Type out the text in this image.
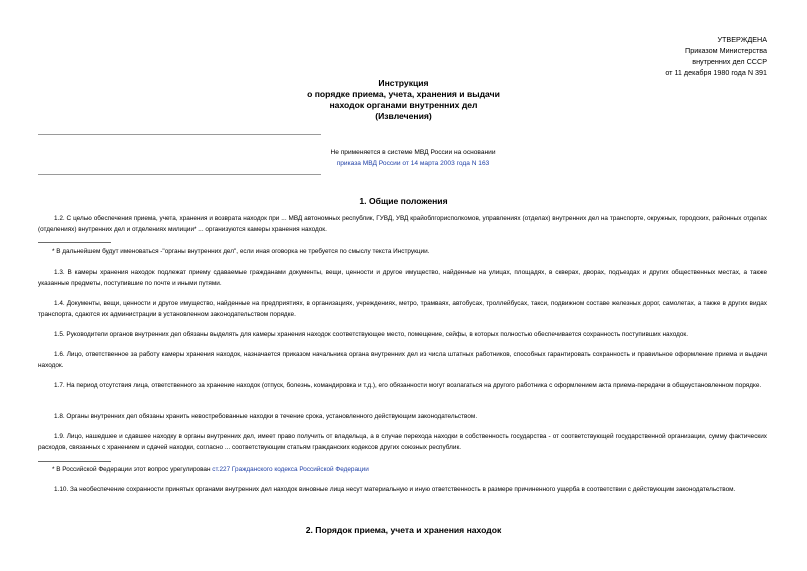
УТВЕРЖДЕНА
Приказом Министерства
внутренних дел СССР
от 11 декабря 1980 года N 391
Инструкция
о порядке приема, учета, хранения и выдачи
находок органами внутренних дел
(Извлечения)
Не применяется в системе МВД России на основании
приказа МВД России от 14 марта 2003 года N 163
1. Общие положения
1.2. С целью обеспечения приема, учета, хранения и возврата находок при ... МВД автономных республик, ГУВД, УВД крайоблгорисполкомов, управлениях (отделах) внутренних дел на транспорте, окружных, городских, районных отделах (отделениях) внутренних дел и отделениях милиции* ... организуются камеры хранения находок.
* В дальнейшем будут именоваться -"органы внутренних дел", если иная оговорка не требуется по смыслу текста Инструкции.
1.3. В камеры хранения находок подлежат приему сдаваемые гражданами документы, вещи, ценности и другое имущество, найденные на улицах, площадях, в скверах, дворах, подъездах и других общественных местах, а также указанные предметы, поступившие по почте и иными путями.
1.4. Документы, вещи, ценности и другое имущество, найденные на предприятиях, в организациях, учреждениях, метро, трамваях, автобусах, троллейбусах, такси, подвижном составе железных дорог, самолетах, а также в других видах транспорта, сдаются их администрации в установленном законодательством порядке.
1.5. Руководители органов внутренних дел обязаны выделять для камеры хранения находок соответствующее место, помещение, сейфы, в которых полностью обеспечивается сохранность поступивших находок.
1.6. Лицо, ответственное за работу камеры хранения находок, назначается приказом начальника органа внутренних дел из числа штатных работников, способных гарантировать сохранность и правильное оформление приема и выдачи находок.
1.7. На период отсутствия лица, ответственного за хранение находок (отпуск, болезнь, командировка и т.д.), его обязанности могут возлагаться на другого работника с оформлением акта приема-передачи в общеустановленном порядке.
1.8. Органы внутренних дел обязаны хранить невостребованные находки в течение срока, установленного действующим законодательством.
1.9. Лицо, нашедшее и сдавшее находку в органы внутренних дел, имеет право получить от владельца, а в случае перехода находки в собственность государства - от соответствующей государственной организации, сумму фактических расходов, связанных с хранением и сдачей находки, согласно ... соответствующим статьям гражданских кодексов других союзных республик.
* В Российской Федерации этот вопрос урегулирован ст.227 Гражданского кодекса Российской Федерации
1.10. За необеспечение сохранности принятых органами внутренних дел находок виновные лица несут материальную и иную ответственность в размере причиненного ущерба в соответствии с действующим законодательством.
2. Порядок приема, учета и хранения находок
